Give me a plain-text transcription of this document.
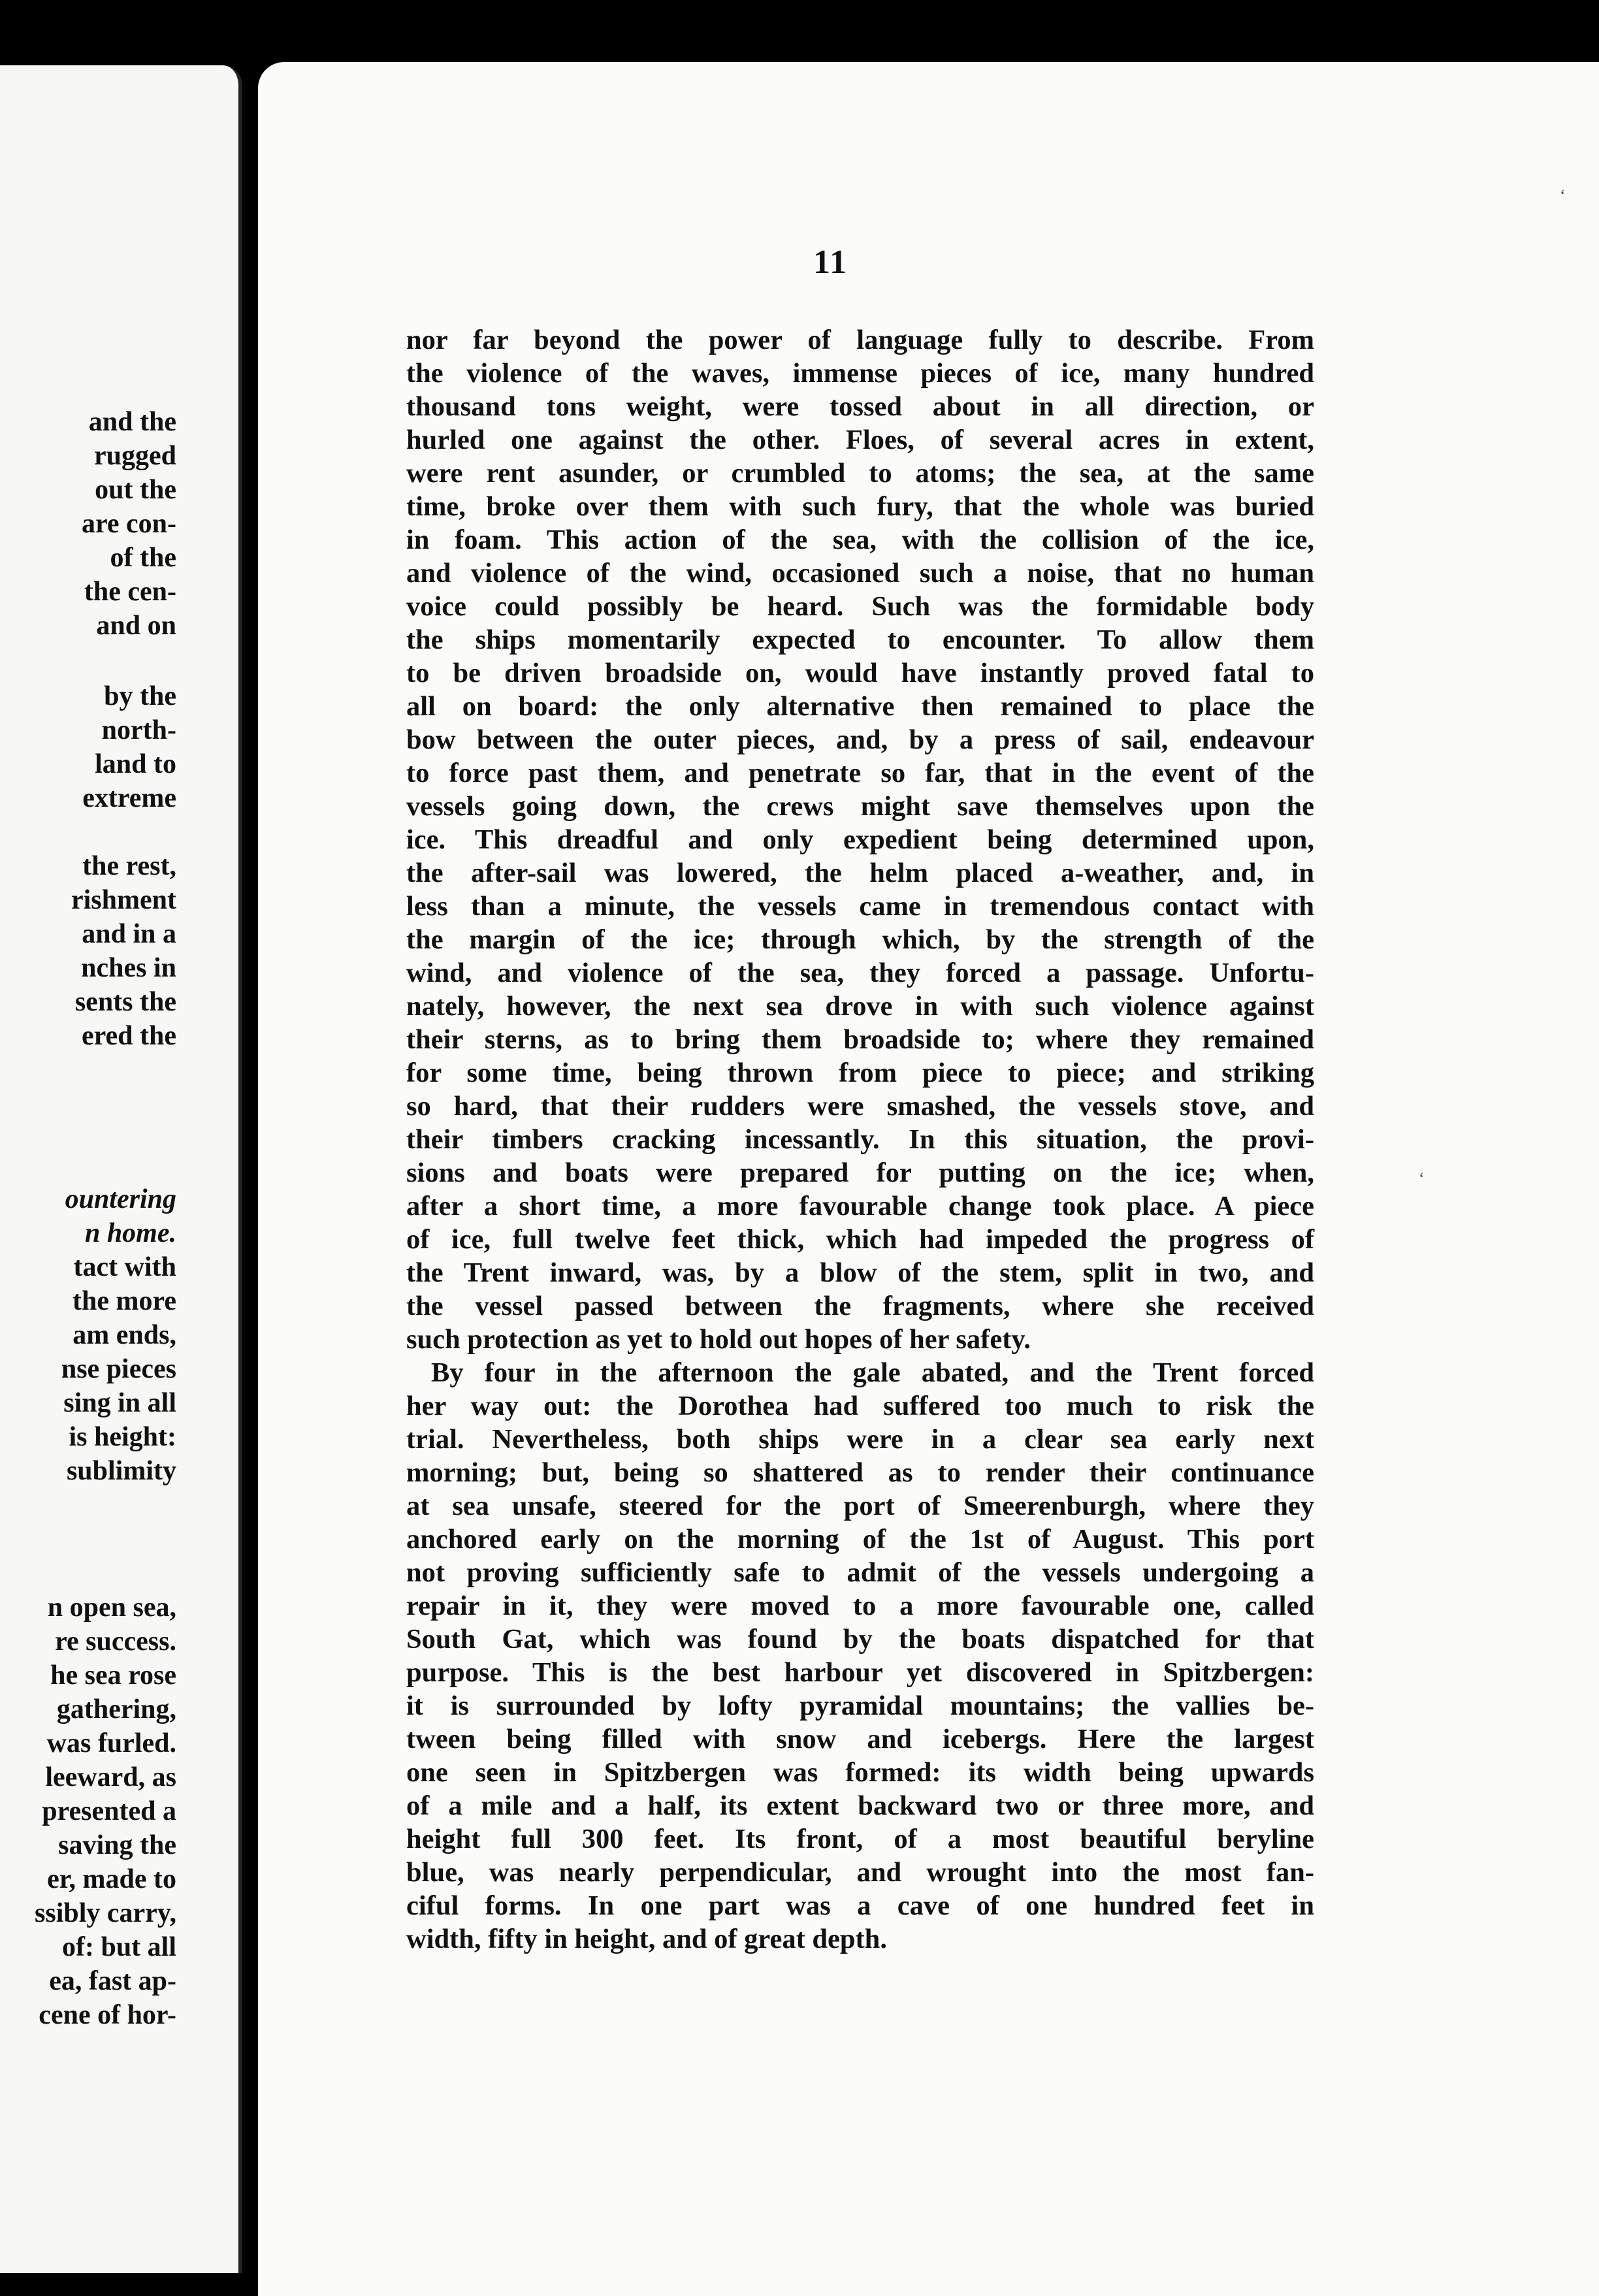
and the
rugged
out the
are con-
of the
the cen-
and on
by the
north-
land to
extreme
the rest,
rishment
and in a
nches in
sents the
ered the
ountering
n home.
tact with
the more
am ends,
nse pieces
sing in all
is height:
sublimity
n open sea,
re success.
he sea rose
gathering,
was furled.
leeward, as
presented a
saving the
er, made to
ssibly carry,
of: but all
ea, fast ap-
cene of hor-
11
nor far beyond the power of language fully to describe. From
the violence of the waves, immense pieces of ice, many hundred
thousand tons weight, were tossed about in all direction, or
hurled one against the other. Floes, of several acres in extent,
were rent asunder, or crumbled to atoms; the sea, at the same
time, broke over them with such fury, that the whole was buried
in foam. This action of the sea, with the collision of the ice,
and violence of the wind, occasioned such a noise, that no human
voice could possibly be heard. Such was the formidable body
the ships momentarily expected to encounter. To allow them
to be driven broadside on, would have instantly proved fatal to
all on board: the only alternative then remained to place the
bow between the outer pieces, and, by a press of sail, endeavour
to force past them, and penetrate so far, that in the event of the
vessels going down, the crews might save themselves upon the
ice. This dreadful and only expedient being determined upon,
the after-sail was lowered, the helm placed a-weather, and, in
less than a minute, the vessels came in tremendous contact with
the margin of the ice; through which, by the strength of the
wind, and violence of the sea, they forced a passage. Unfortu-
nately, however, the next sea drove in with such violence against
their sterns, as to bring them broadside to; where they remained
for some time, being thrown from piece to piece; and striking
so hard, that their rudders were smashed, the vessels stove, and
their timbers cracking incessantly. In this situation, the provi-
sions and boats were prepared for putting on the ice; when,
after a short time, a more favourable change took place. A piece
of ice, full twelve feet thick, which had impeded the progress of
the Trent inward, was, by a blow of the stem, split in two, and
the vessel passed between the fragments, where she received
such protection as yet to hold out hopes of her safety.
By four in the afternoon the gale abated, and the Trent forced
her way out: the Dorothea had suffered too much to risk the
trial. Nevertheless, both ships were in a clear sea early next
morning; but, being so shattered as to render their continuance
at sea unsafe, steered for the port of Smeerenburgh, where they
anchored early on the morning of the 1st of August. This port
not proving sufficiently safe to admit of the vessels undergoing a
repair in it, they were moved to a more favourable one, called
South Gat, which was found by the boats dispatched for that
purpose. This is the best harbour yet discovered in Spitzbergen:
it is surrounded by lofty pyramidal mountains; the vallies be-
tween being filled with snow and icebergs. Here the largest
one seen in Spitzbergen was formed: its width being upwards
of a mile and a half, its extent backward two or three more, and
height full 300 feet. Its front, of a most beautiful beryline
blue, was nearly perpendicular, and wrought into the most fan-
ciful forms. In one part was a cave of one hundred feet in
width, fifty in height, and of great depth.
‘
ʻ
